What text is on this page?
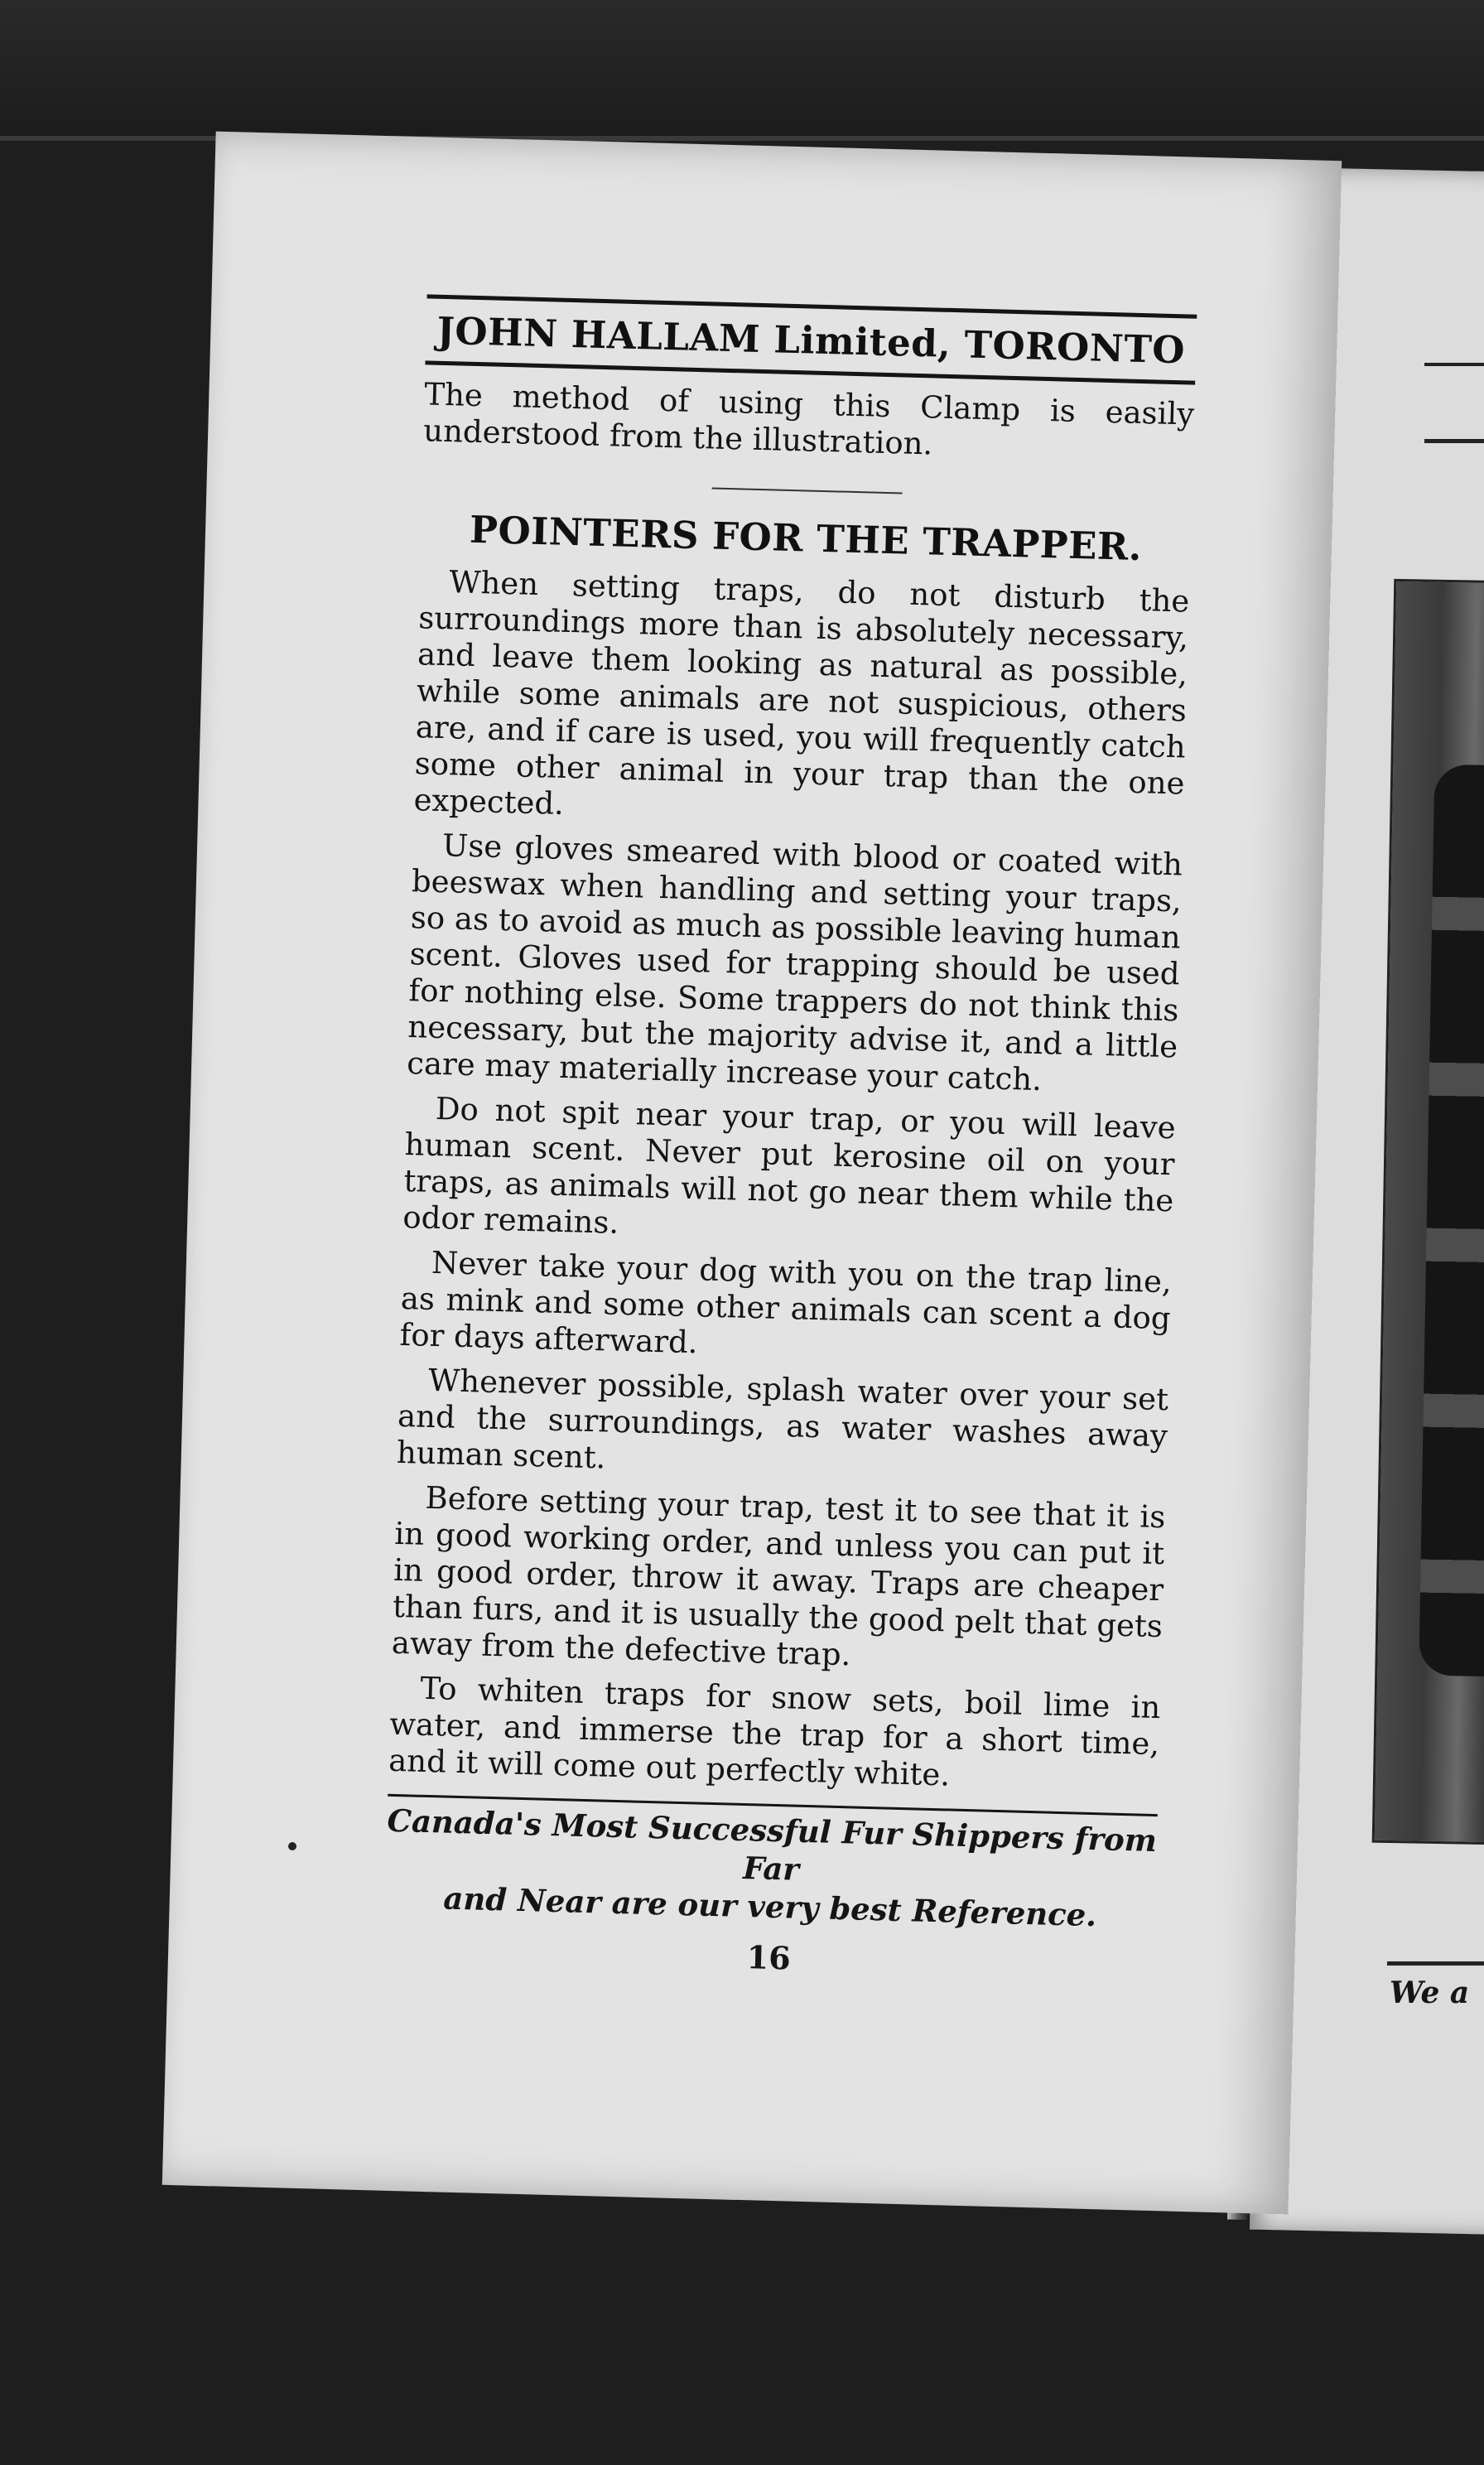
We a
JOHN HALLAM Limited, TORONTO

The method of using this Clamp is easily understood from the illustration.

POINTERS FOR THE TRAPPER.

When setting traps, do not disturb the surroundings more than is absolutely necessary, and leave them looking as natural as possible, while some animals are not suspicious, others are, and if care is used, you will frequently catch some other animal in your trap than the one expected.

Use gloves smeared with blood or coated with beeswax when handling and setting your traps, so as to avoid as much as possible leaving human scent. Gloves used for trapping should be used for nothing else. Some trappers do not think this necessary, but the majority advise it, and a little care may materially increase your catch.

Do not spit near your trap, or you will leave human scent. Never put kerosine oil on your traps, as animals will not go near them while the odor remains.

Never take your dog with you on the trap line, as mink and some other animals can scent a dog for days afterward.

Whenever possible, splash water over your set and the surroundings, as water washes away human scent.

Before setting your trap, test it to see that it is in good working order, and unless you can put it in good order, throw it away. Traps are cheaper than furs, and it is usually the good pelt that gets away from the defective trap.

To whiten traps for snow sets, boil lime in water, and immerse the trap for a short time, and it will come out perfectly white.

Canada's Most Successful Fur Shippers from Far
and Near are our very best Reference.
16
